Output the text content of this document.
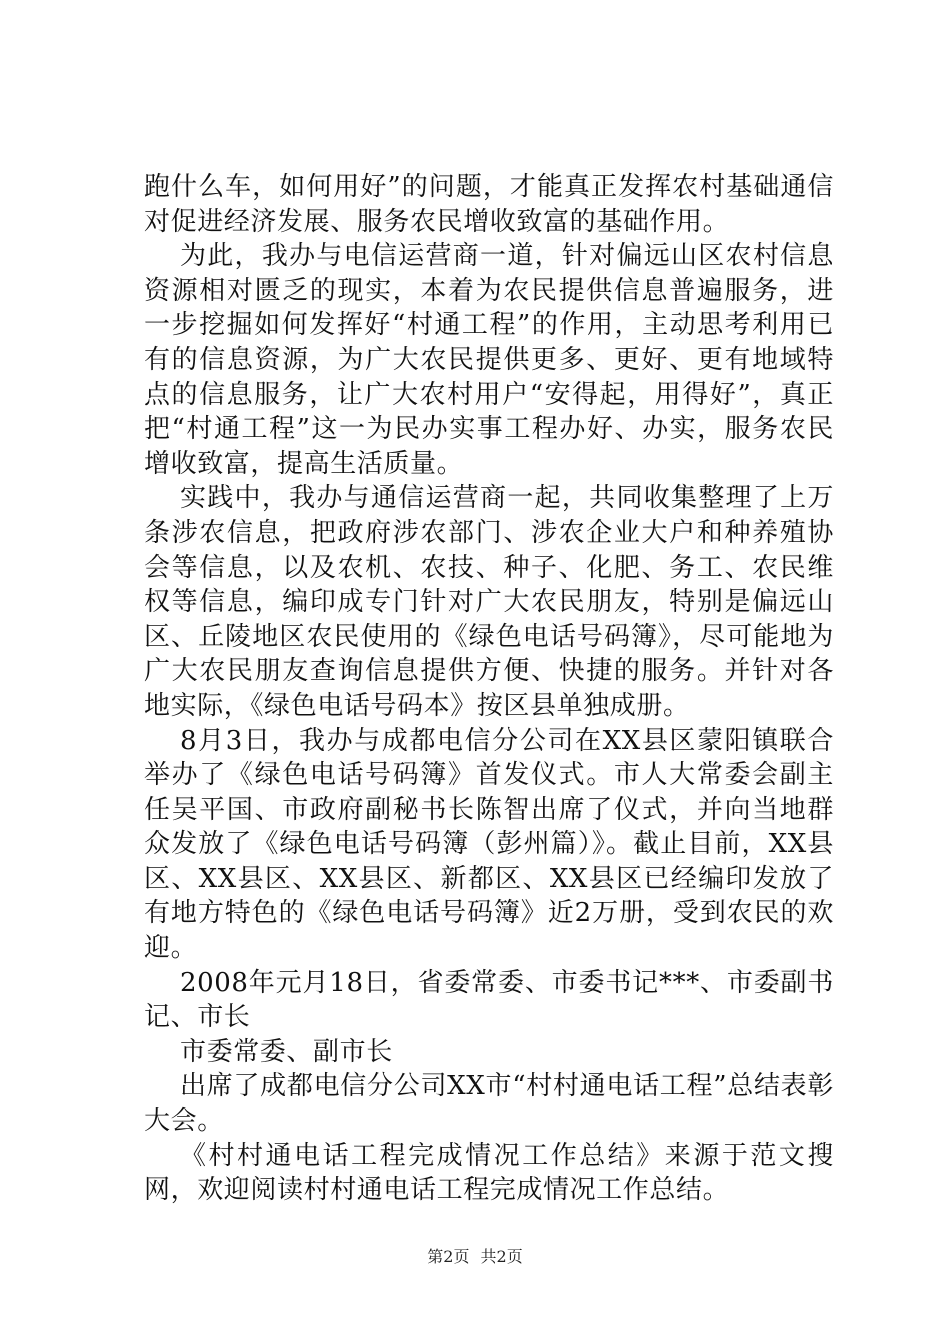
跑什么车，如何用好”的问题，才能真正发挥农村基础通信对促进经济发展、服务农民增收致富的基础作用。

为此，我办与电信运营商一道，针对偏远山区农村信息资源相对匮乏的现实，本着为农民提供信息普遍服务，进一步挖掘如何发挥好“村通工程”的作用，主动思考利用已有的信息资源，为广大农民提供更多、更好、更有地域特点的信息服务，让广大农村用户“安得起，用得好”，真正把“村通工程”这一为民办实事工程办好、办实，服务农民增收致富，提高生活质量。

实践中，我办与通信运营商一起，共同收集整理了上万条涉农信息，把政府涉农部门、涉农企业大户和种养殖协会等信息，以及农机、农技、种子、化肥、务工、农民维权等信息，编印成专门针对广大农民朋友，特别是偏远山区、丘陵地区农民使用的《绿色电话号码簿》，尽可能地为广大农民朋友查询信息提供方便、快捷的服务。并针对各地实际，《绿色电话号码本》按区县单独成册。

8月3日，我办与成都电信分公司在XX县区蒙阳镇联合举办了《绿色电话号码簿》首发仪式。市人大常委会副主任吴平国、市政府副秘书长陈智出席了仪式，并向当地群众发放了《绿色电话号码簿（彭州篇）》。截止目前，XX县区、XX县区、XX县区、新都区、XX县区已经编印发放了有地方特色的《绿色电话号码簿》近2万册，受到农民的欢迎。

2008年元月18日，省委常委、市委书记***、市委副书记、市长

市委常委、副市长

出席了成都电信分公司XX市“村村通电话工程”总结表彰大会。

《村村通电话工程完成情况工作总结》来源于范文搜网，欢迎阅读村村通电话工程完成情况工作总结。

第2页 共2页
